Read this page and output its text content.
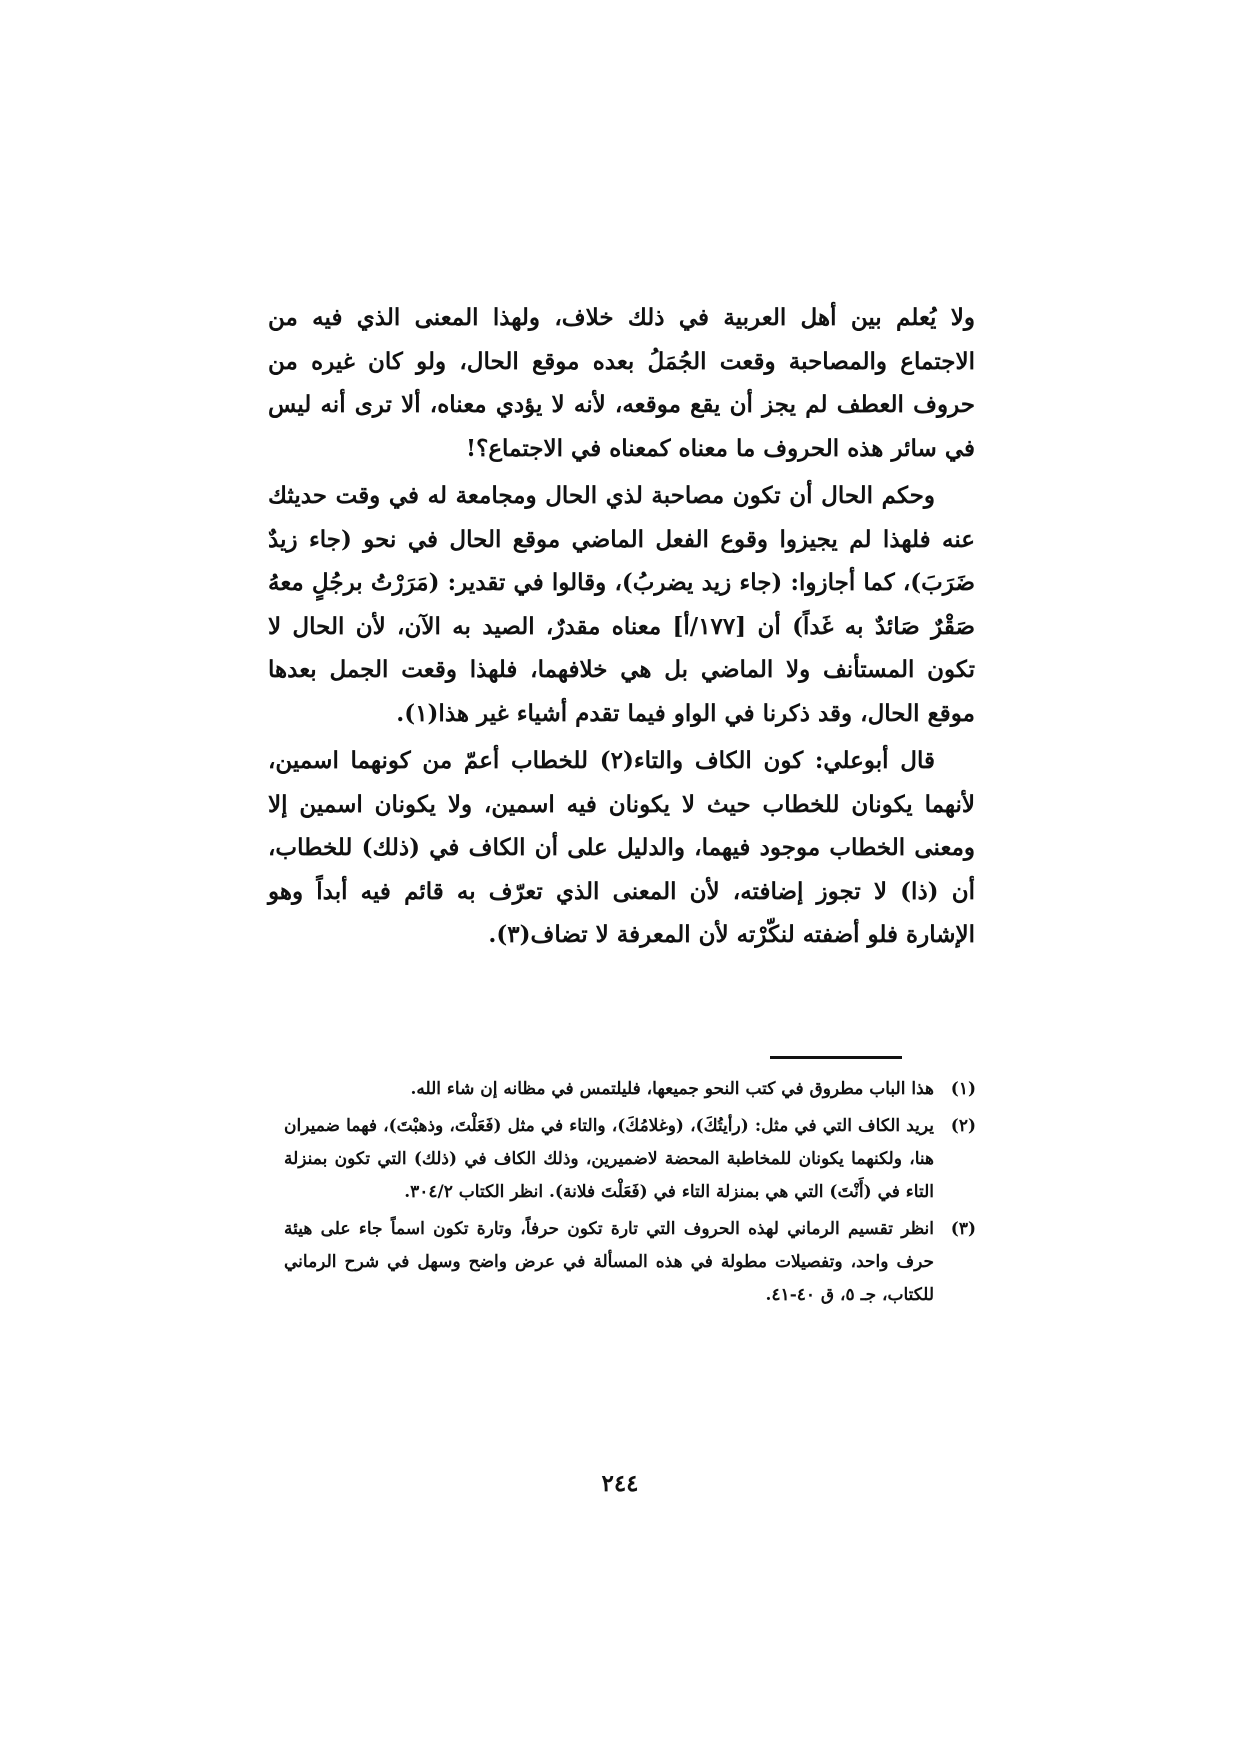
ولا يُعلم بين أهل العربية في ذلك خلاف، ولهذا المعنى الذي فيه من الاجتماع والمصاحبة وقعت الجُمَلُ بعده موقع الحال، ولو كان غيره من حروف العطف لم يجز أن يقع موقعه، لأنه لا يؤدي معناه، ألا ترى أنه ليس في سائر هذه الحروف ما معناه كمعناه في الاجتماع؟!

وحكم الحال أن تكون مصاحبة لذي الحال ومجامعة له في وقت حديثك عنه فلهذا لم يجيزوا وقوع الفعل الماضي موقع الحال في نحو (جاء زيدٌ ضَرَبَ)، كما أجازوا: (جاء زيد يضربُ)، وقالوا في تقدير: (مَرَرْتُ برجُلٍ معهُ صَقْرٌ صَائدٌ به غَداً) أن [١٧٧/أ] معناه مقدرٌ، الصيد به الآن، لأن الحال لا تكون المستأنف ولا الماضي بل هي خلافهما، فلهذا وقعت الجمل بعدها موقع الحال، وقد ذكرنا في الواو فيما تقدم أشياء غير هذا(١).

قال أبوعلي: كون الكاف والتاء(٢) للخطاب أعمّ من كونهما اسمين، لأنهما يكونان للخطاب حيث لا يكونان فيه اسمين، ولا يكونان اسمين إلا ومعنى الخطاب موجود فيهما، والدليل على أن الكاف في (ذلك) للخطاب، أن (ذا) لا تجوز إضافته، لأن المعنى الذي تعرّف به قائم فيه أبداً وهو الإشارة فلو أضفته لنكّرْته لأن المعرفة لا تضاف(٣).

(١)
هذا الباب مطروق في كتب النحو جميعها، فليلتمس في مظانه إن شاء الله.
(٢)
يريد الكاف التي في مثل: (رأيتُكَ)، (وغلامُكَ)، والتاء في مثل (فَعَلْتَ، وذهبْتَ)، فهما ضميران هنا، ولكنهما يكونان للمخاطبة المحضة لاضميرين، وذلك الكاف في (ذلك) التي تكون بمنزلة التاء في (أَنْتَ) التي هي بمنزلة التاء في (فَعَلْتَ فلانة). انظر الكتاب ٣٠٤/٢.
(٣)
انظر تقسيم الرماني لهذه الحروف التي تارة تكون حرفاً، وتارة تكون اسماً جاء على هيئة حرف واحد، وتفصيلات مطولة في هذه المسألة في عرض واضح وسهل في شرح الرماني للكتاب، جـ ٥، ق ٤٠-٤١.
٢٤٤
